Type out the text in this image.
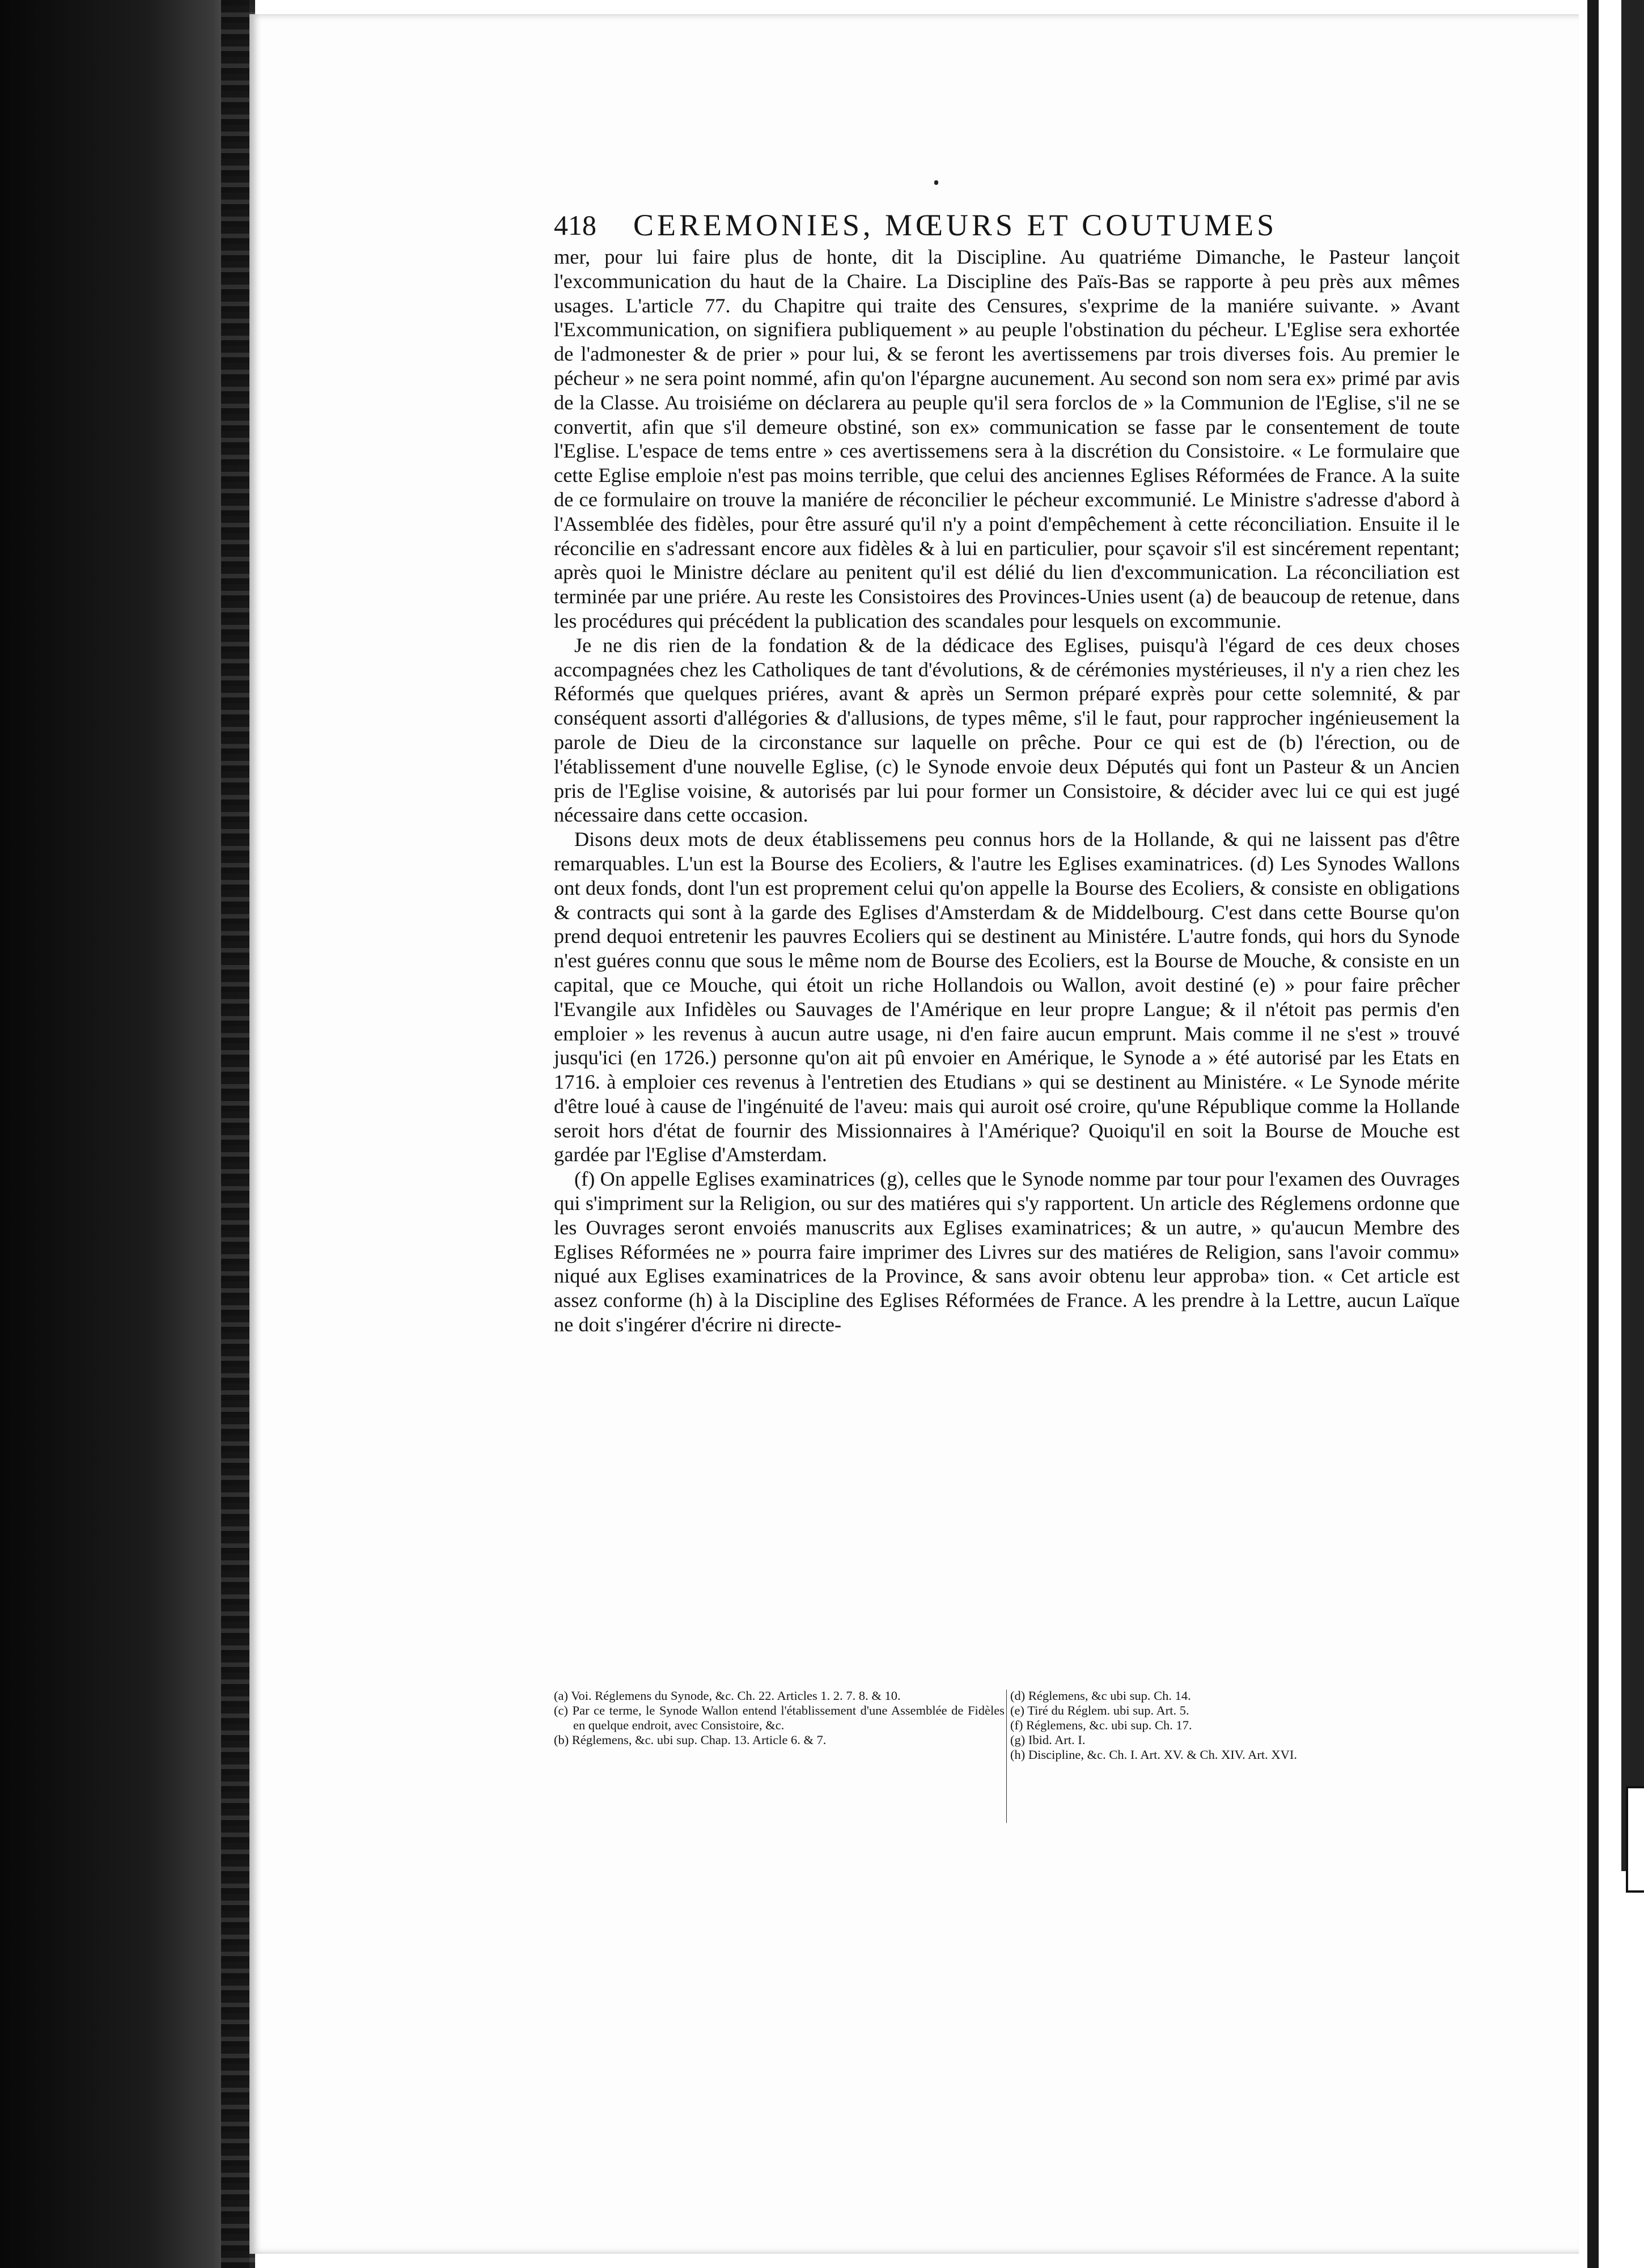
418 CEREMONIES, MŒURS ET COUTUMES

mer, pour lui faire plus de honte, dit la Discipline. Au quatriéme Dimanche, le Pasteur lançoit l'excommunication du haut de la Chaire. La Discipline des Païs-Bas se rapporte à peu près aux mêmes usages. L'article 77. du Chapitre qui traite des Censures, s'exprime de la maniére suivante. » Avant l'Excommunication, on signifiera publiquement » au peuple l'obstination du pécheur. L'Eglise sera exhortée de l'admonester & de prier » pour lui, & se feront les avertissemens par trois diverses fois. Au premier le pécheur » ne sera point nommé, afin qu'on l'épargne aucunement. Au second son nom sera ex» primé par avis de la Classe. Au troisiéme on déclarera au peuple qu'il sera forclos de » la Communion de l'Eglise, s'il ne se convertit, afin que s'il demeure obstiné, son ex» communication se fasse par le consentement de toute l'Eglise. L'espace de tems entre » ces avertissemens sera à la discrétion du Consistoire. « Le formulaire que cette Eglise emploie n'est pas moins terrible, que celui des anciennes Eglises Réformées de France. A la suite de ce formulaire on trouve la maniére de réconcilier le pécheur excommunié. Le Ministre s'adresse d'abord à l'Assemblée des fidèles, pour être assuré qu'il n'y a point d'empêchement à cette réconciliation. Ensuite il le réconcilie en s'adressant encore aux fidèles & à lui en particulier, pour sçavoir s'il est sincérement repentant; après quoi le Ministre déclare au penitent qu'il est délié du lien d'excommunication. La réconciliation est terminée par une priére. Au reste les Consistoires des Provinces-Unies usent (a) de beaucoup de retenue, dans les procédures qui précédent la publication des scandales pour lesquels on excommunie.

Je ne dis rien de la fondation & de la dédicace des Eglises, puisqu'à l'égard de ces deux choses accompagnées chez les Catholiques de tant d'évolutions, & de cérémonies mystérieuses, il n'y a rien chez les Réformés que quelques priéres, avant & après un Sermon préparé exprès pour cette solemnité, & par conséquent assorti d'allégories & d'allusions, de types même, s'il le faut, pour rapprocher ingénieusement la parole de Dieu de la circonstance sur laquelle on prêche. Pour ce qui est de (b) l'érection, ou de l'établissement d'une nouvelle Eglise, (c) le Synode envoie deux Députés qui font un Pasteur & un Ancien pris de l'Eglise voisine, & autorisés par lui pour former un Consistoire, & décider avec lui ce qui est jugé nécessaire dans cette occasion.

Disons deux mots de deux établissemens peu connus hors de la Hollande, & qui ne laissent pas d'être remarquables. L'un est la Bourse des Ecoliers, & l'autre les Eglises examinatrices. (d) Les Synodes Wallons ont deux fonds, dont l'un est proprement celui qu'on appelle la Bourse des Ecoliers, & consiste en obligations & contracts qui sont à la garde des Eglises d'Amsterdam & de Middelbourg. C'est dans cette Bourse qu'on prend dequoi entretenir les pauvres Ecoliers qui se destinent au Ministére. L'autre fonds, qui hors du Synode n'est guéres connu que sous le même nom de Bourse des Ecoliers, est la Bourse de Mouche, & consiste en un capital, que ce Mouche, qui étoit un riche Hollandois ou Wallon, avoit destiné (e) » pour faire prêcher l'Evangile aux Infidèles ou Sauvages de l'Amérique en leur propre Langue; & il n'étoit pas permis d'en emploier » les revenus à aucun autre usage, ni d'en faire aucun emprunt. Mais comme il ne s'est » trouvé jusqu'ici (en 1726.) personne qu'on ait pû envoier en Amérique, le Synode a » été autorisé par les Etats en 1716. à emploier ces revenus à l'entretien des Etudians » qui se destinent au Ministére. « Le Synode mérite d'être loué à cause de l'ingénuité de l'aveu: mais qui auroit osé croire, qu'une République comme la Hollande seroit hors d'état de fournir des Missionnaires à l'Amérique? Quoiqu'il en soit la Bourse de Mouche est gardée par l'Eglise d'Amsterdam.

(f) On appelle Eglises examinatrices (g), celles que le Synode nomme par tour pour l'examen des Ouvrages qui s'impriment sur la Religion, ou sur des matiéres qui s'y rapportent. Un article des Réglemens ordonne que les Ouvrages seront envoiés manuscrits aux Eglises examinatrices; & un autre, » qu'aucun Membre des Eglises Réformées ne » pourra faire imprimer des Livres sur des matiéres de Religion, sans l'avoir commu» niqué aux Eglises examinatrices de la Province, & sans avoir obtenu leur approba» tion. « Cet article est assez conforme (h) à la Discipline des Eglises Réformées de France. A les prendre à la Lettre, aucun Laïque ne doit s'ingérer d'écrire ni directe-

(a) Voi. Réglemens du Synode, &c. Ch. 22. Articles 1. 2. 7. 8. & 10.
(c) Par ce terme, le Synode Wallon entend l'établissement d'une Assemblée de Fidèles en quelque endroit, avec Consistoire, &c.
(b) Réglemens, &c. ubi sup. Chap. 13. Article 6. & 7.
(d) Réglemens, &c ubi sup. Ch. 14.
(e) Tiré du Réglem. ubi sup. Art. 5.
(f) Réglemens, &c. ubi sup. Ch. 17.
(g) Ibid. Art. I.
(h) Discipline, &c. Ch. I. Art. XV. & Ch. XIV. Art. XVI.
